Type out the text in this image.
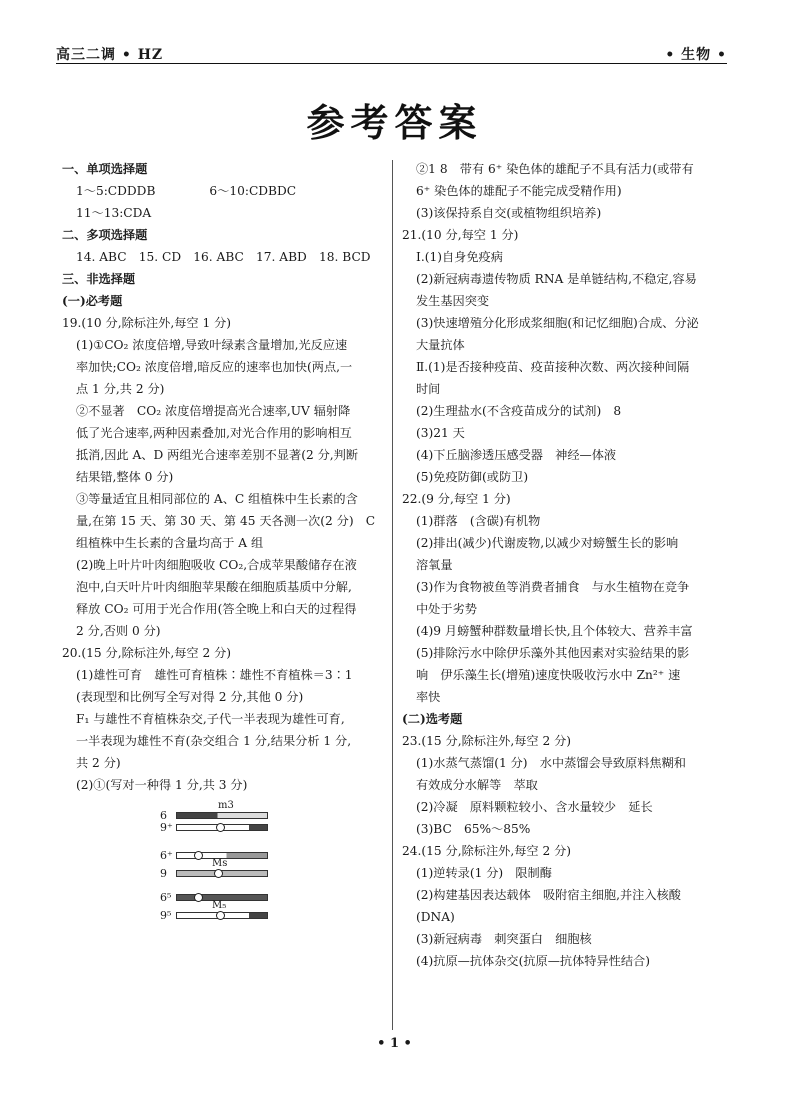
高三二调 • HZ	• 生物 •
参考答案
一、单项选择题
1～5:CDDDB	6～10:CDBDC
11～13:CDA
二、多项选择题
14. ABC　15. CD　16. ABC　17. ABD　18. BCD
三、非选择题
(一)必考题
19.(10 分,除标注外,每空 1 分)
(1)①CO₂ 浓度倍增,导致叶绿素含量增加,光反应速
率加快;CO₂ 浓度倍增,暗反应的速率也加快(两点,一
点 1 分,共 2 分)
②不显著　CO₂ 浓度倍增提高光合速率,UV 辐射降
低了光合速率,两种因素叠加,对光合作用的影响相互
抵消,因此 A、D 两组光合速率差别不显著(2 分,判断
结果错,整体 0 分)
③等量适宜且相同部位的 A、C 组植株中生长素的含
量,在第 15 天、第 30 天、第 45 天各测一次(2 分)　C
组植株中生长素的含量均高于 A 组
(2)晚上叶片叶肉细胞吸收 CO₂,合成苹果酸储存在液
泡中,白天叶片叶肉细胞苹果酸在细胞质基质中分解,
释放 CO₂ 可用于光合作用(答全晚上和白天的过程得
2 分,否则 0 分)
20.(15 分,除标注外,每空 2 分)
(1)雄性可育　雄性可育植株∶雄性不育植株＝3∶1
(表现型和比例写全写对得 2 分,其他 0 分)
F₁ 与雄性不育植株杂交,子代一半表现为雄性可育,
一半表现为雄性不育(杂交组合 1 分,结果分析 1 分,
共 2 分)
(2)①(写对一种得 1 分,共 3 分)
6
m3
9⁺
6⁺
9
Ms
6⁵
9⁵
M₅
②1 8　带有 6⁺ 染色体的雄配子不具有活力(或带有
6⁺ 染色体的雄配子不能完成受精作用)
(3)该保持系自交(或植物组织培养)
21.(10 分,每空 1 分)
Ⅰ.(1)自身免疫病
(2)新冠病毒遗传物质 RNA 是单链结构,不稳定,容易
发生基因突变
(3)快速增殖分化形成浆细胞(和记忆细胞)合成、分泌
大量抗体
Ⅱ.(1)是否接种疫苗、疫苗接种次数、两次接种间隔
时间
(2)生理盐水(不含疫苗成分的试剂)　8
(3)21 天
(4)下丘脑渗透压感受器　神经—体液
(5)免疫防御(或防卫)
22.(9 分,每空 1 分)
(1)群落　(含碳)有机物
(2)排出(减少)代谢废物,以减少对螃蟹生长的影响
溶氧量
(3)作为食物被鱼等消费者捕食　与水生植物在竞争
中处于劣势
(4)9 月螃蟹种群数量增长快,且个体较大、营养丰富
(5)排除污水中除伊乐藻外其他因素对实验结果的影
响　伊乐藻生长(增殖)速度快吸收污水中 Zn²⁺ 速
率快
(二)选考题
23.(15 分,除标注外,每空 2 分)
(1)水蒸气蒸馏(1 分)　水中蒸馏会导致原料焦糊和
有效成分水解等　萃取
(2)冷凝　原料颗粒较小、含水量较少　延长
(3)BC　65%～85%
24.(15 分,除标注外,每空 2 分)
(1)逆转录(1 分)　限制酶
(2)构建基因表达载体　吸附宿主细胞,并注入核酸
(DNA)
(3)新冠病毒　刺突蛋白　细胞核
(4)抗原—抗体杂交(抗原—抗体特异性结合)
• 1 •
